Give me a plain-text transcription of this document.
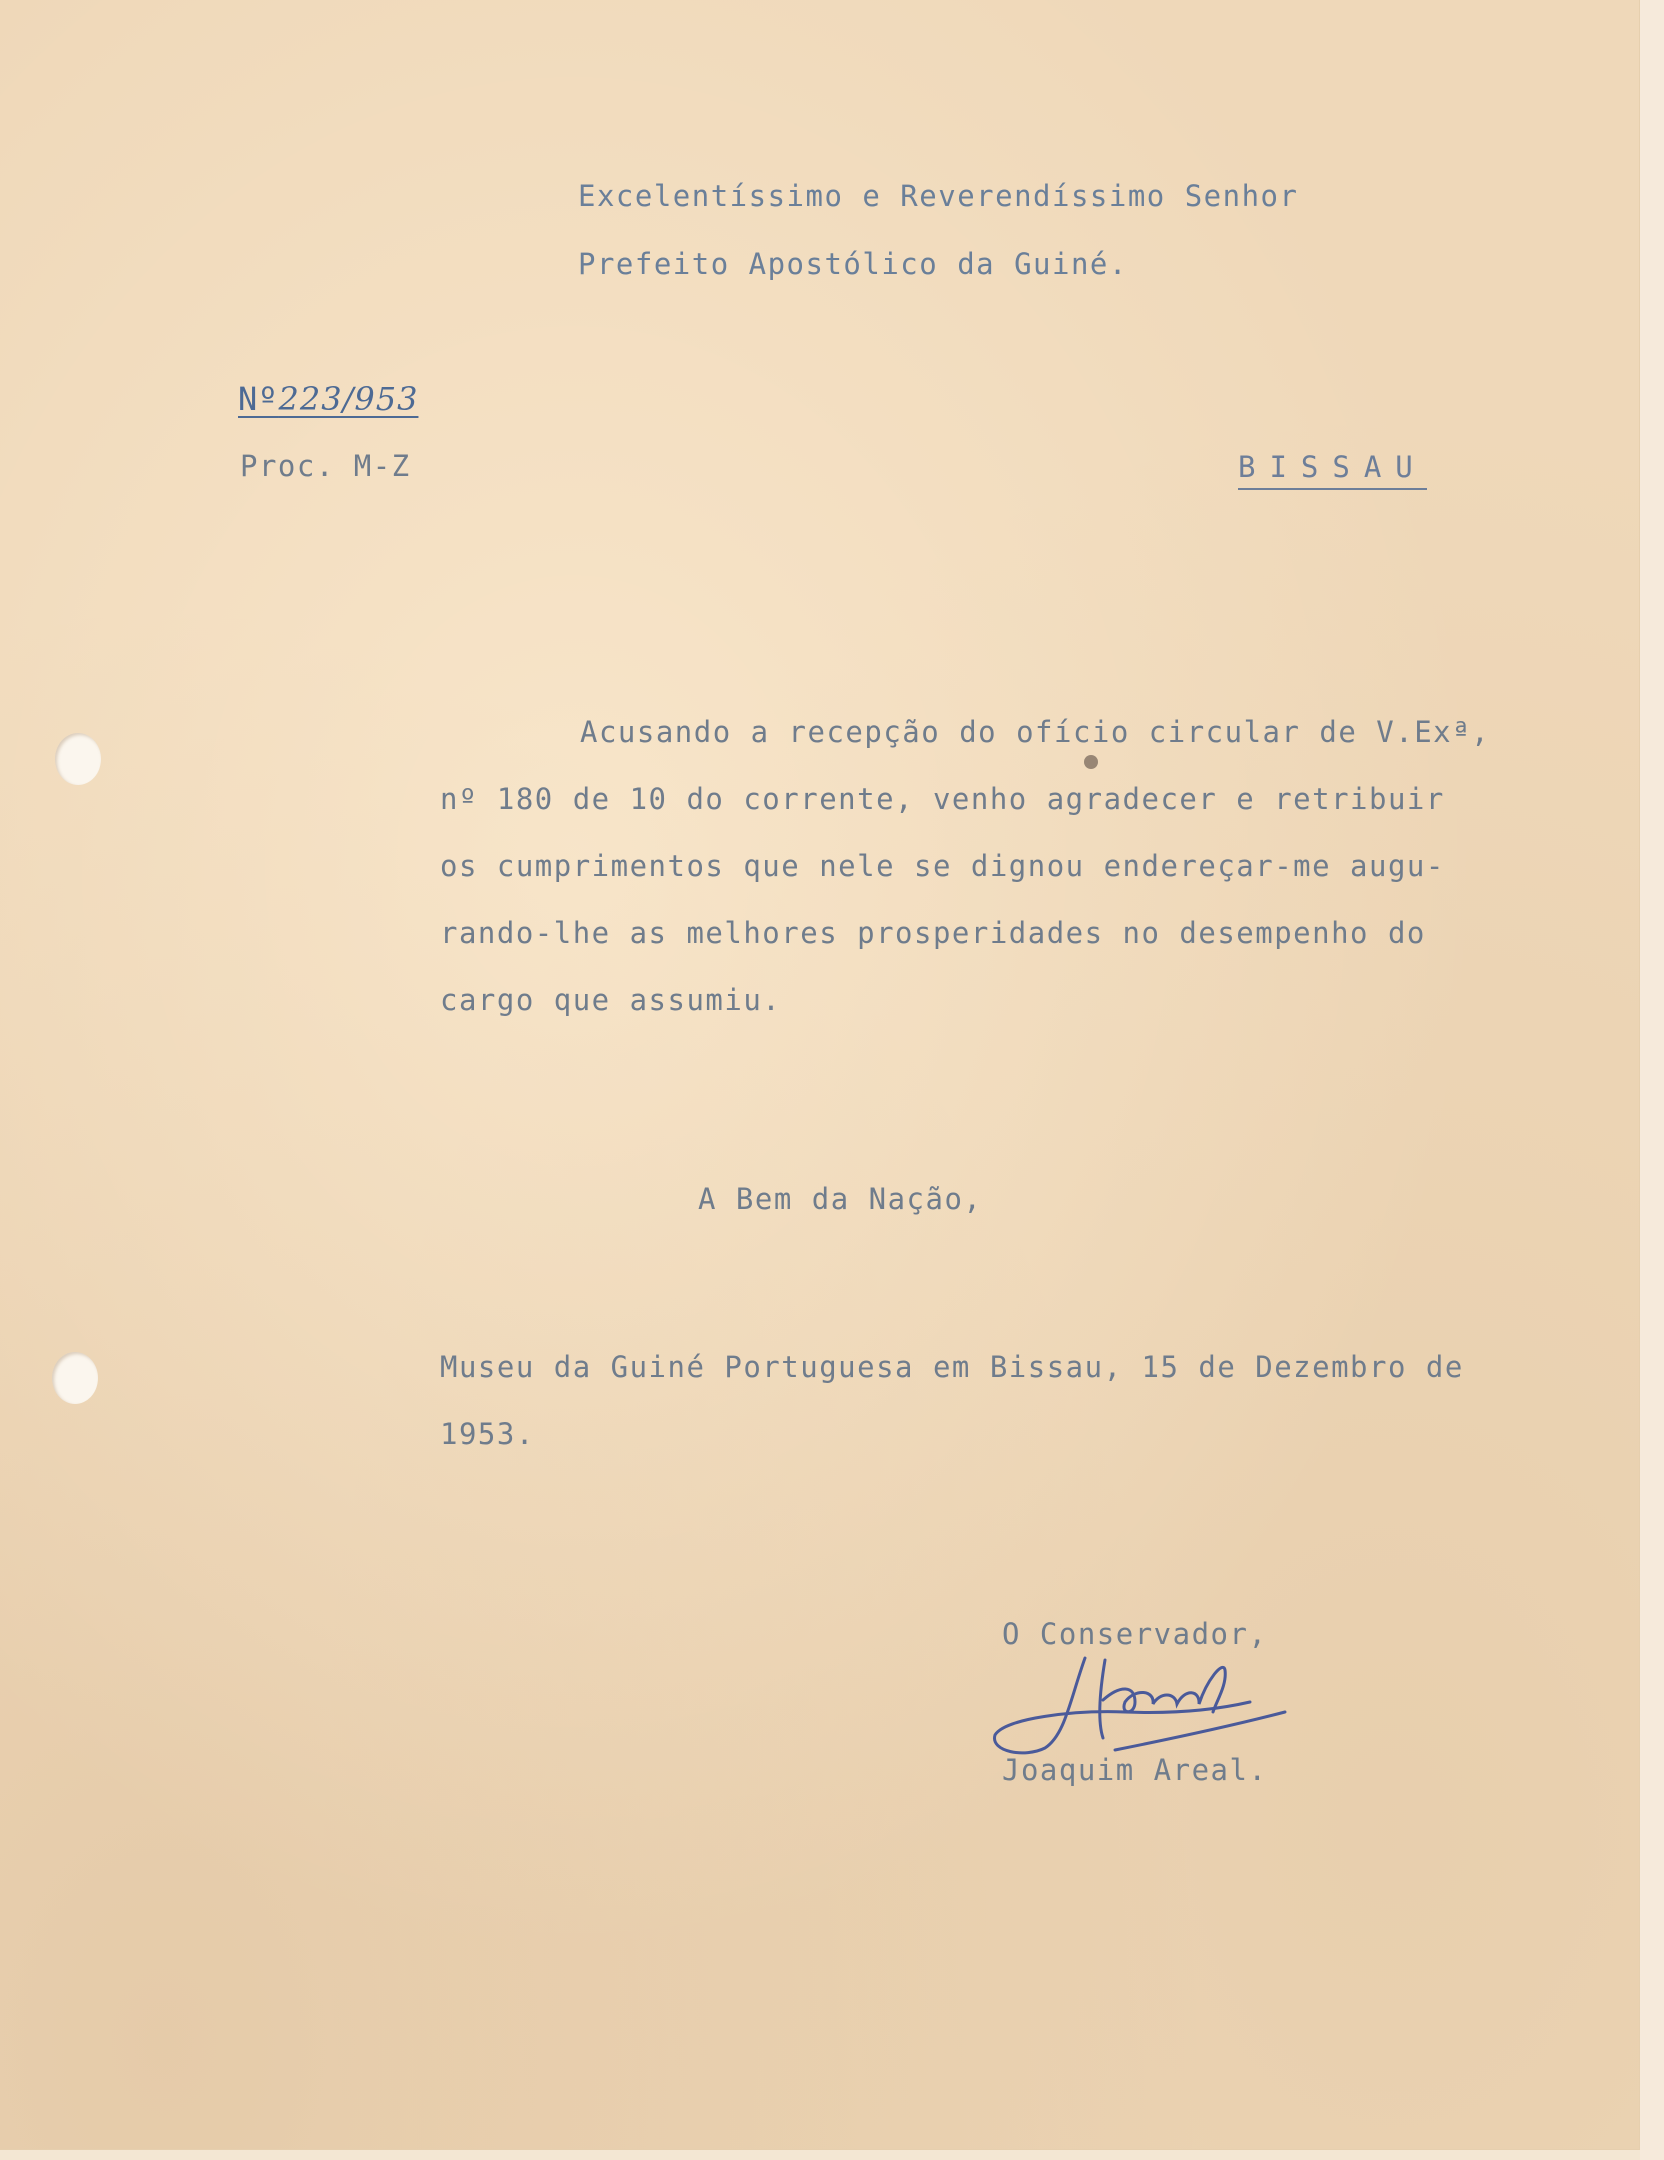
Excelentíssimo e Reverendíssimo Senhor
Prefeito Apostólico da Guiné.
Nº223/953
Proc. M-Z	BISSAU
Acusando a recepção do ofício circular de V.Exª,
nº 180 de 10 do corrente, venho agradecer e retribuir
os cumprimentos que nele se dignou endereçar-me augu-
rando-lhe as melhores prosperidades no desempenho do
cargo que assumiu.
A Bem da Nação,
Museu da Guiné Portuguesa em Bissau, 15 de Dezembro de
1953.
O Conservador,
Joaquim Areal.
